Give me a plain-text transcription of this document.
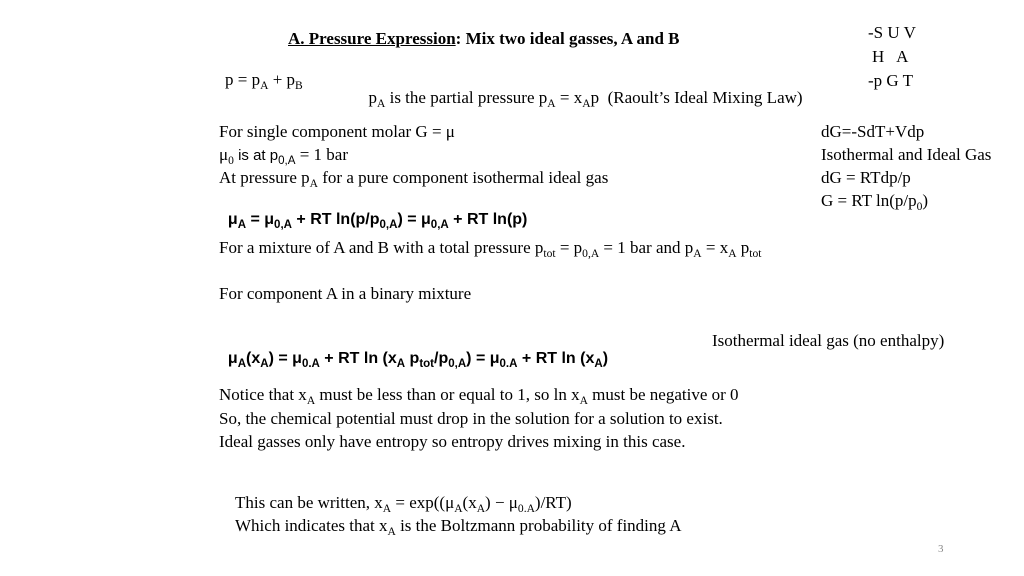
A. Pressure Expression: Mix two ideal gasses, A and B	-S U V
H   A
-p G T
$p = p_A + p_B$

$p_A$ is the partial pressure $p_A = x_Ap$  (Raoult’s Ideal Mixing Law)

For single component molar G = μ
$\mu_0$ is at $p_{0,A} = 1$ bar
At pressure $p_A$ for a pure component isothermal ideal gas

$\mu_A = \mu_{0,A}$ + RT $\ln(p/p_{0,A}) = \mu_{0,A}$ + RT ln(p)

dG=-SdT+Vdp
Isothermal and Ideal Gas
dG = RTdp/p
G = RT $\ln(p/p_0)$
For a mixture of A and B with a total pressure $p_{tot} = p_{0,A} = 1$ bar and $p_A = x_A$ $p_{tot}$
For component A in a binary mixture

$\mu_A(x_A) = \mu_{0.A}$ + RT $\ln (x_A$ $p_{tot}/p_{0,A}) = \mu_{0.A}$ + RT $\ln (x_A)$

Isothermal ideal gas (no enthalpy)
Notice that $x_A$ must be less than or equal to 1, so $\ln x_A$ must be negative or 0
So, the chemical potential must drop in the solution for a solution to exist.
Ideal gasses only have entropy so entropy drives mixing in this case.
This can be written, $x_A = \exp((\mu_A(x_A) - \mu_{0.A})/RT)$
Which indicates that $x_A$ is the Boltzmann probability of finding A
3
